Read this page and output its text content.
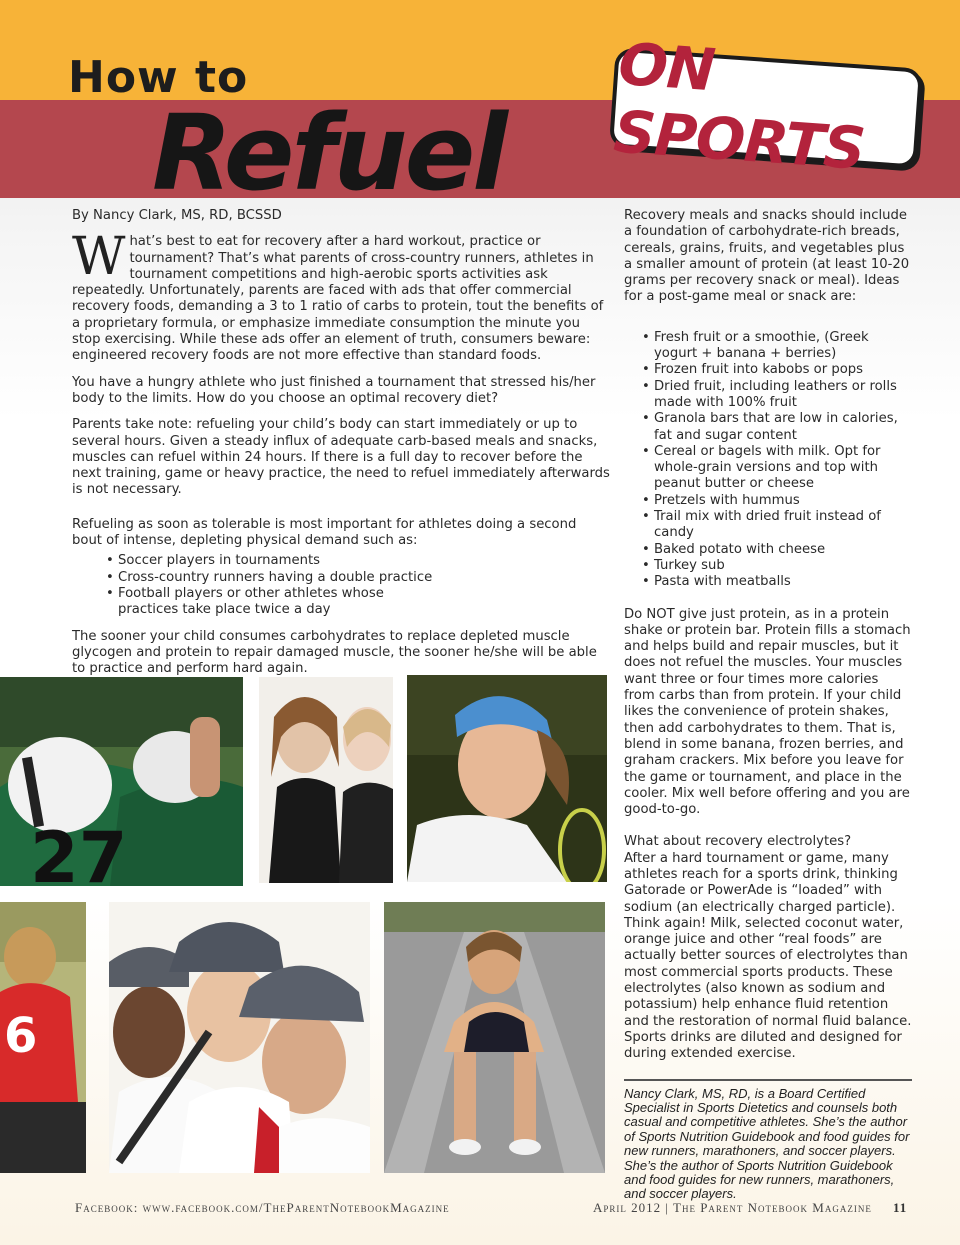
How to
Refuel
ON SPORTS

By Nancy Clark, MS, RD, BCSSD

What’s best to eat for recovery after a hard workout, practice or tournament? That’s what parents of cross-country runners, athletes in tournament competitions and high-aerobic sports activities ask repeatedly. Unfortunately, parents are faced with ads that offer commercial recovery foods, demanding a 3 to 1 ratio of carbs to protein, tout the benefits of a proprietary formula, or emphasize immediate consumption the minute you stop exercising. While these ads offer an element of truth, consumers beware: engineered recovery foods are not more effective than standard foods.

You have a hungry athlete who just finished a tournament that stressed his/her body to the limits. How do you choose an optimal recovery diet?

Parents take note: refueling your child’s body can start immediately or up to several hours. Given a steady influx of adequate carb-based meals and snacks, muscles can refuel within 24 hours. If there is a full day to recover before the next training, game or heavy practice, the need to refuel immediately afterwards is not necessary.

Refueling as soon as tolerable is most important for athletes doing a second bout of intense, depleting physical demand such as:

• Soccer players in tournaments
• Cross-country runners having a double practice
• Football players or other athletes whose practices take place twice a day

The sooner your child consumes carbohydrates to replace depleted muscle glycogen and protein to repair damaged muscle, the sooner he/she will be able to practice and perform hard again.

Recovery meals and snacks should include a foundation of carbohydrate-rich breads, cereals, grains, fruits, and vegetables plus a smaller amount of protein (at least 10-20 grams per recovery snack or meal). Ideas for a post-game meal or snack are:

• Fresh fruit or a smoothie, (Greek yogurt + banana + berries)
• Frozen fruit into kabobs or pops
• Dried fruit, including leathers or rolls made with 100% fruit
• Granola bars that are low in calories, fat and sugar content
• Cereal or bagels with milk. Opt for whole-grain versions and top with peanut butter or cheese
• Pretzels with hummus
• Trail mix with dried fruit instead of candy
• Baked potato with cheese
• Turkey sub
• Pasta with meatballs

Do NOT give just protein, as in a protein shake or protein bar. Protein fills a stomach and helps build and repair muscles, but it does not refuel the muscles. Your muscles want three or four times more calories from carbs than from protein. If your child likes the convenience of protein shakes, then add carbohydrates to them. That is, blend in some banana, frozen berries, and graham crackers. Mix before you leave for the game or tournament, and place in the cooler. Mix well before offering and you are good-to-go.

What about recovery electrolytes?

After a hard tournament or game, many athletes reach for a sports drink, thinking Gatorade or PowerAde is “loaded” with sodium (an electrically charged particle). Think again! Milk, selected coconut water, orange juice and other “real foods” are actually better sources of electrolytes than most commercial sports products. These electrolytes (also known as sodium and potassium) help enhance fluid retention and the restoration of normal fluid balance. Sports drinks are diluted and designed for during extended exercise.

Nancy Clark, MS, RD, is a Board Certified Specialist in Sports Dietetics and counsels both casual and competitive athletes. She’s the author of Sports Nutrition Guidebook and food guides for new runners, marathoners, and soccer players. She’s the author of Sports Nutrition Guidebook and food guides for new runners, marathoners, and soccer players.

27
6
Facebook: www.facebook.com/TheParentNotebookMagazine	April 2012 | The Parent Notebook Magazine 11
